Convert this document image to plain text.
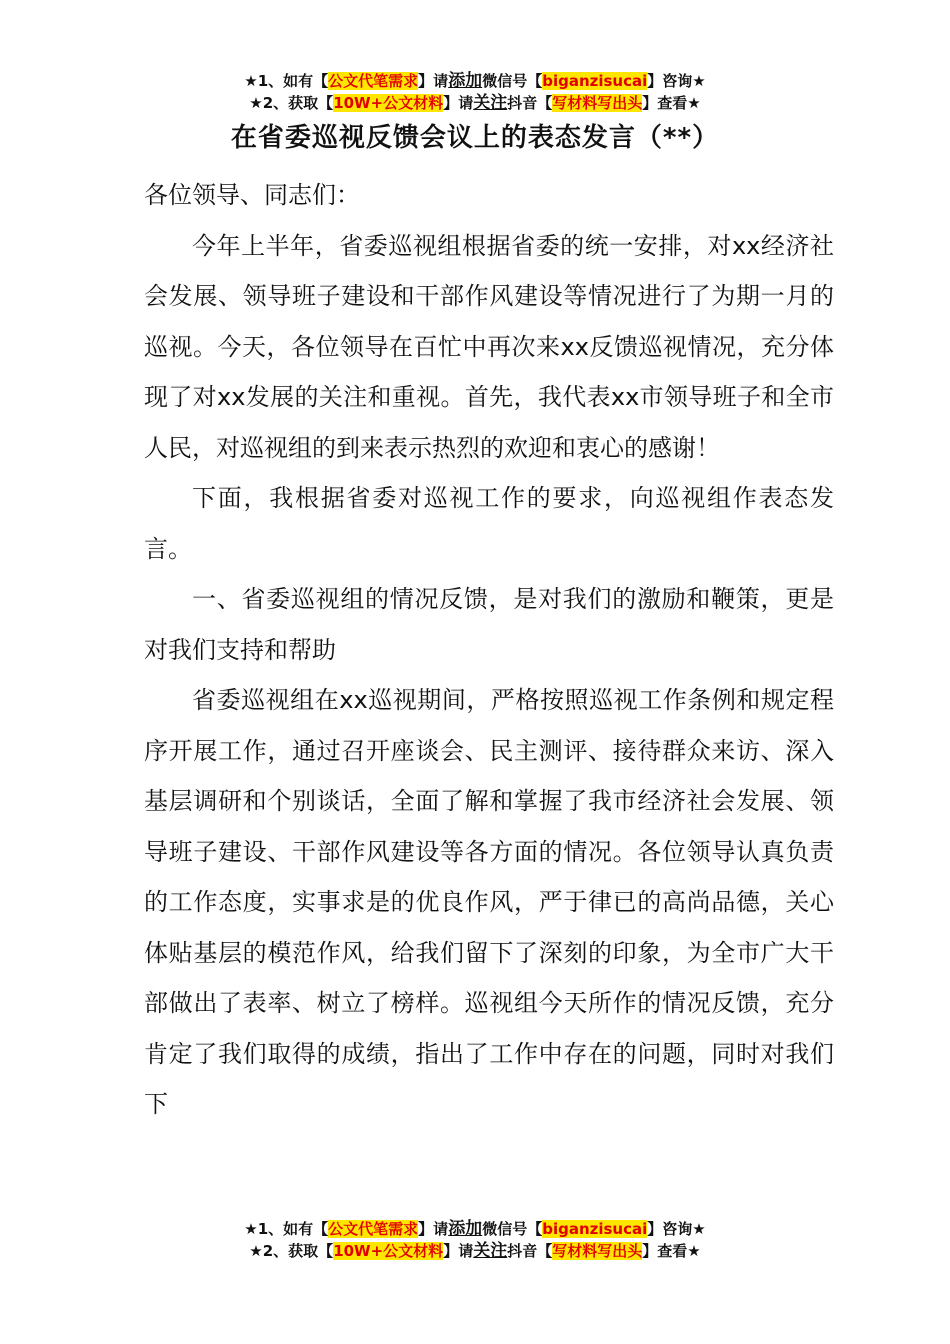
★1、如有【公文代笔需求】请添加微信号【biganzisucai】咨询★
★2、获取【10W+公文材料】请关注抖音【写材料写出头】查看★
在省委巡视反馈会议上的表态发言（**）

各位领导、同志们：

今年上半年，省委巡视组根据省委的统一安排，对xx经济社会发展、领导班子建设和干部作风建设等情况进行了为期一月的巡视。今天，各位领导在百忙中再次来xx反馈巡视情况，充分体现了对xx发展的关注和重视。首先，我代表xx市领导班子和全市人民，对巡视组的到来表示热烈的欢迎和衷心的感谢！

下面，我根据省委对巡视工作的要求，向巡视组作表态发言。

一、省委巡视组的情况反馈，是对我们的激励和鞭策，更是对我们支持和帮助

省委巡视组在xx巡视期间，严格按照巡视工作条例和规定程序开展工作，通过召开座谈会、民主测评、接待群众来访、深入基层调研和个别谈话，全面了解和掌握了我市经济社会发展、领导班子建设、干部作风建设等各方面的情况。各位领导认真负责的工作态度，实事求是的优良作风，严于律已的高尚品德，关心体贴基层的模范作风，给我们留下了深刻的印象，为全市广大干部做出了表率、树立了榜样。巡视组今天所作的情况反馈，充分肯定了我们取得的成绩，指出了工作中存在的问题，同时对我们下

★1、如有【公文代笔需求】请添加微信号【biganzisucai】咨询★
★2、获取【10W+公文材料】请关注抖音【写材料写出头】查看★
